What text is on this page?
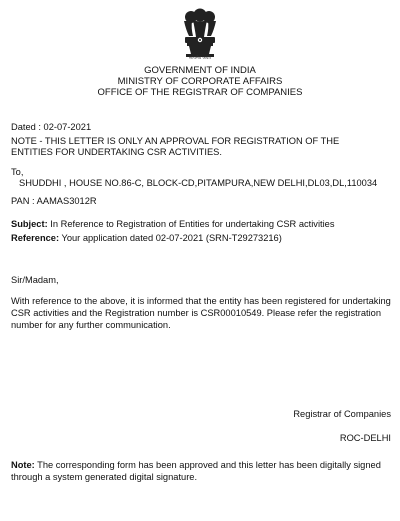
सत्यमेव जयते
GOVERNMENT OF INDIA
MINISTRY OF CORPORATE AFFAIRS
OFFICE OF THE REGISTRAR OF COMPANIES
Dated : 02-07-2021
NOTE - THIS LETTER IS ONLY AN APPROVAL FOR REGISTRATION OF THE
ENTITIES FOR UNDERTAKING CSR ACTIVITIES.
To,
SHUDDHI , HOUSE NO.86-C, BLOCK-CD,PITAMPURA,NEW DELHI,DL03,DL,110034
PAN : AAMAS3012R
Subject: In Reference to Registration of Entities for undertaking CSR activities
Reference: Your application dated 02-07-2021 (SRN-T29273216)
Sir/Madam,
With reference to the above, it is informed that the entity has been registered for undertaking
CSR activities and the Registration number is CSR00010549. Please refer the registration
number for any further communication.
Registrar of Companies
ROC-DELHI
Note: The corresponding form has been approved and this letter has been digitally signed
through a system generated digital signature.
